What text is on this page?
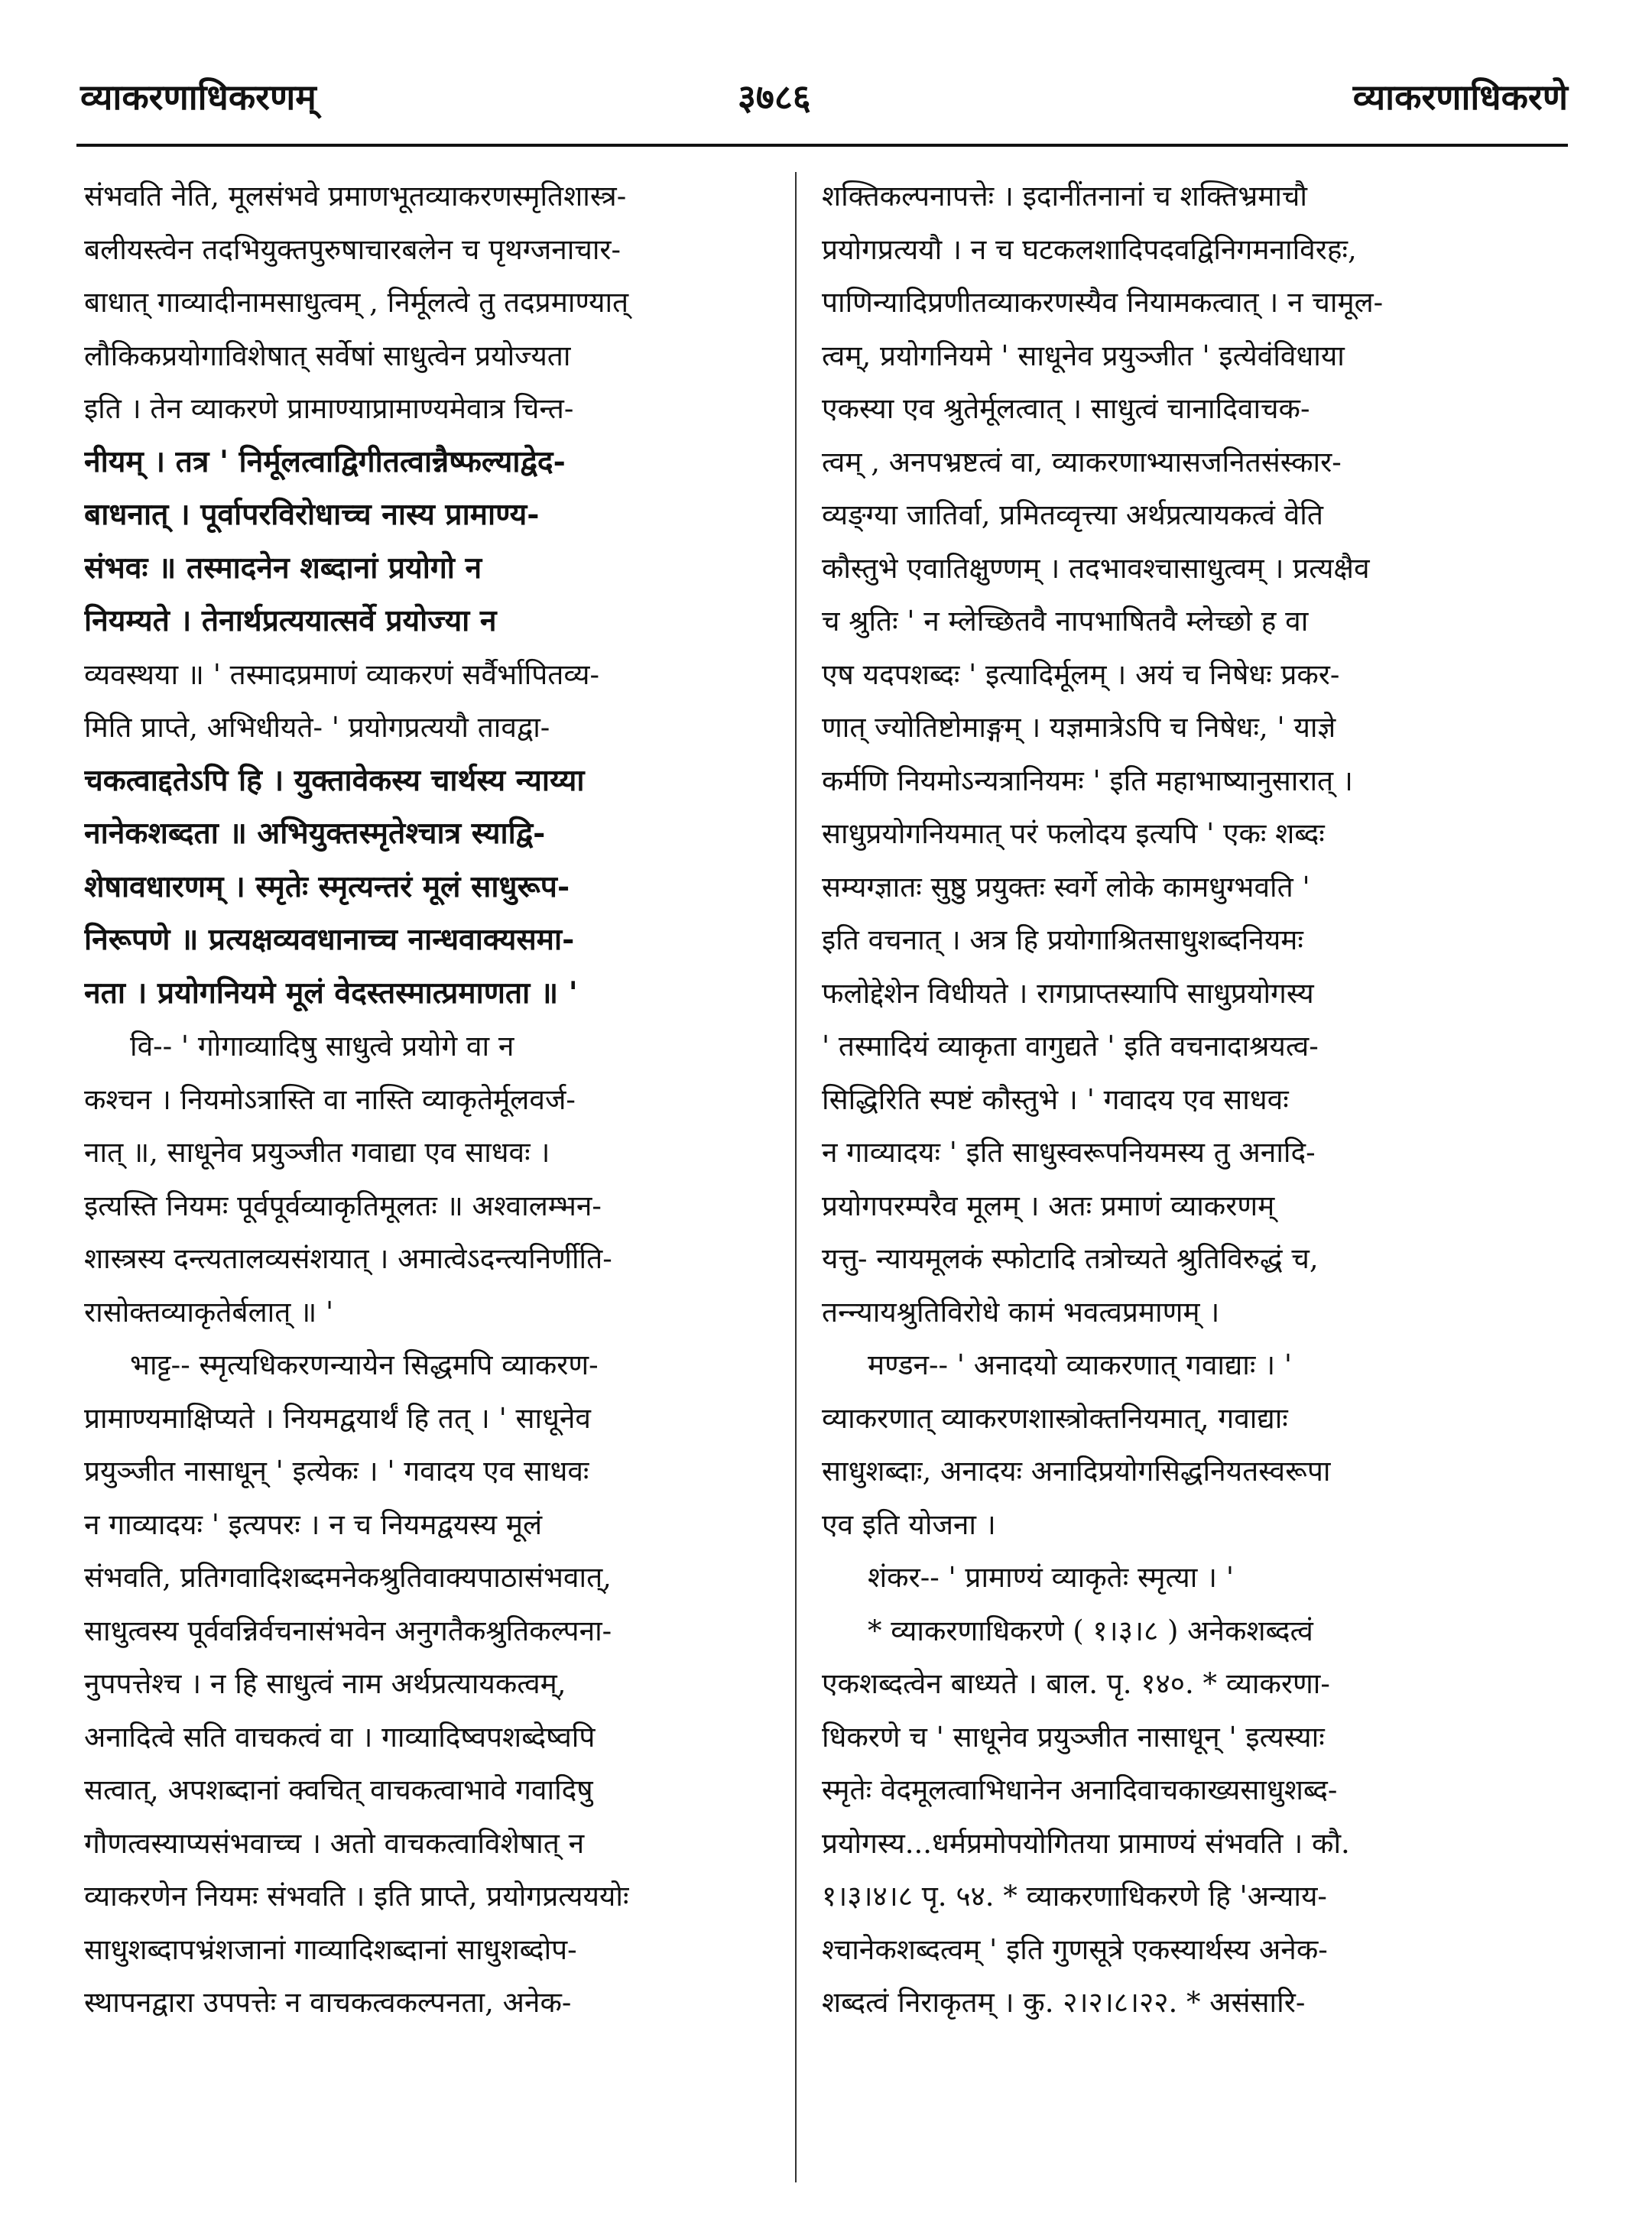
व्याकरणाधिकरणम्	३७८६	व्याकरणाधिकरणे
संभवति नेति, मूलसंभवे प्रमाणभूतव्याकरणस्मृतिशास्त्र-
बलीयस्त्वेन तदभियुक्तपुरुषाचारबलेन च पृथग्जनाचार-
बाधात् गाव्यादीनामसाधुत्वम् , निर्मूलत्वे तु तदप्रमाण्यात्
लौकिकप्रयोगाविशेषात् सर्वेषां साधुत्वेन प्रयोज्यता
इति । तेन व्याकरणे प्रामाण्याप्रामाण्यमेवात्र चिन्त-
नीयम् । तत्र ' निर्मूलत्वाद्विगीतत्वान्नैष्फल्याद्वेद-
बाधनात् । पूर्वापरविरोधाच्च नास्य प्रामाण्य-
संभवः ॥ तस्मादनेन शब्दानां प्रयोगो न
नियम्यते । तेनार्थप्रत्ययात्सर्वे प्रयोज्या न
व्यवस्थया ॥ ' तस्मादप्रमाणं व्याकरणं सर्वैर्भापितव्य-
मिति प्राप्ते, अभिधीयते- ' प्रयोगप्रत्ययौ तावद्वा-
चकत्वाद्दतेऽपि हि । युक्तावेकस्य चार्थस्य न्याय्या
नानेकशब्दता ॥ अभियुक्तस्मृतेश्चात्र स्याद्वि-
शेषावधारणम् । स्मृतेः स्मृत्यन्तरं मूलं साधुरूप-
निरूपणे ॥ प्रत्यक्षव्यवधानाच्च नान्धवाक्यसमा-
नता । प्रयोगनियमे मूलं वेदस्तस्मात्प्रमाणता ॥ '
वि-- ' गोगाव्यादिषु साधुत्वे प्रयोगे वा न
कश्चन । नियमोऽत्रास्ति वा नास्ति व्याकृतेर्मूलवर्ज-
नात् ॥, साधूनेव प्रयुञ्जीत गवाद्या एव साधवः ।
इत्यस्ति नियमः पूर्वपूर्वव्याकृतिमूलतः ॥ अश्वालम्भन-
शास्त्रस्य दन्त्यतालव्यसंशयात् । अमात्वेऽदन्त्यनिर्णीति-
रासोक्तव्याकृतेर्बलात् ॥ '
भाट्ट-- स्मृत्यधिकरणन्यायेन सिद्धमपि व्याकरण-
प्रामाण्यमाक्षिप्यते । नियमद्वयार्थं हि तत् । ' साधूनेव
प्रयुञ्जीत नासाधून् ' इत्येकः । ' गवादय एव साधवः
न गाव्यादयः ' इत्यपरः । न च नियमद्वयस्य मूलं
संभवति, प्रतिगवादिशब्दमनेकश्रुतिवाक्यपाठासंभवात्,
साधुत्वस्य पूर्ववन्निर्वचनासंभवेन अनुगतैकश्रुतिकल्पना-
नुपपत्तेश्च । न हि साधुत्वं नाम अर्थप्रत्यायकत्वम्,
अनादित्वे सति वाचकत्वं वा । गाव्यादिष्वपशब्देष्वपि
सत्वात्, अपशब्दानां क्वचित् वाचकत्वाभावे गवादिषु
गौणत्वस्याप्यसंभवाच्च । अतो वाचकत्वाविशेषात् न
व्याकरणेन नियमः संभवति । इति प्राप्ते, प्रयोगप्रत्यययोः
साधुशब्दापभ्रंशजानां गाव्यादिशब्दानां साधुशब्दोप-
स्थापनद्वारा उपपत्तेः न वाचकत्वकल्पनता, अनेक-
शक्तिकल्पनापत्तेः । इदानींतनानां च शक्तिभ्रमाचौ
प्रयोगप्रत्ययौ । न च घटकलशादिपदवद्विनिगमनाविरहः,
पाणिन्यादिप्रणीतव्याकरणस्यैव नियामकत्वात् । न चामूल-
त्वम्, प्रयोगनियमे ' साधूनेव प्रयुञ्जीत ' इत्येवंविधाया
एकस्या एव श्रुतेर्मूलत्वात् । साधुत्वं चानादिवाचक-
त्वम् , अनपभ्रष्टत्वं वा, व्याकरणाभ्यासजनितसंस्कार-
व्यङ्ग्या जातिर्वा, प्रमितव्वृत्त्या अर्थप्रत्यायकत्वं वेति
कौस्तुभे एवातिक्षुण्णम् । तदभावश्चासाधुत्वम् । प्रत्यक्षैव
च श्रुतिः ' न म्लेच्छितवै नापभाषितवै म्लेच्छो ह वा
एष यदपशब्दः ' इत्यादिर्मूलम् । अयं च निषेधः प्रकर-
णात् ज्योतिष्टोमाङ्गम् । यज्ञमात्रेऽपि च निषेधः, ' याज्ञे
कर्मणि नियमोऽन्यत्रानियमः ' इति महाभाष्यानुसारात् ।
साधुप्रयोगनियमात् परं फलोदय इत्यपि ' एकः शब्दः
सम्यग्ज्ञातः सुष्ठु प्रयुक्तः स्वर्गे लोके कामधुग्भवति '
इति वचनात् । अत्र हि प्रयोगाश्रितसाधुशब्दनियमः
फलोद्देशेन विधीयते । रागप्राप्तस्यापि साधुप्रयोगस्य
' तस्मादियं व्याकृता वागुद्यते ' इति वचनादाश्रयत्व-
सिद्धिरिति स्पष्टं कौस्तुभे । ' गवादय एव साधवः
न गाव्यादयः ' इति साधुस्वरूपनियमस्य तु अनादि-
प्रयोगपरम्परैव मूलम् । अतः प्रमाणं व्याकरणम्
यत्तु- न्यायमूलकं स्फोटादि तत्रोच्यते श्रुतिविरुद्धं च,
तन्न्यायश्रुतिविरोधे कामं भवत्वप्रमाणम् ।
मण्डन-- ' अनादयो व्याकरणात् गवाद्याः । '
व्याकरणात् व्याकरणशास्त्रोक्तनियमात्, गवाद्याः
साधुशब्दाः, अनादयः अनादिप्रयोगसिद्धनियतस्वरूपा
एव इति योजना ।
शंकर-- ' प्रामाण्यं व्याकृतेः स्मृत्या । '
* व्याकरणाधिकरणे ( १।३।८ ) अनेकशब्दत्वं
एकशब्दत्वेन बाध्यते । बाल. पृ. १४०. * व्याकरणा-
धिकरणे च ' साधूनेव प्रयुञ्जीत नासाधून् ' इत्यस्याः
स्मृतेः वेदमूलत्वाभिधानेन अनादिवाचकाख्यसाधुशब्द-
प्रयोगस्य...धर्मप्रमोपयोगितया प्रामाण्यं संभवति । कौ.
१।३।४।८ पृ. ५४. * व्याकरणाधिकरणे हि 'अन्याय-
श्चानेकशब्दत्वम् ' इति गुणसूत्रे एकस्यार्थस्य अनेक-
शब्दत्वं निराकृतम् । कु. २।२।८।२२. * असंसारि-
